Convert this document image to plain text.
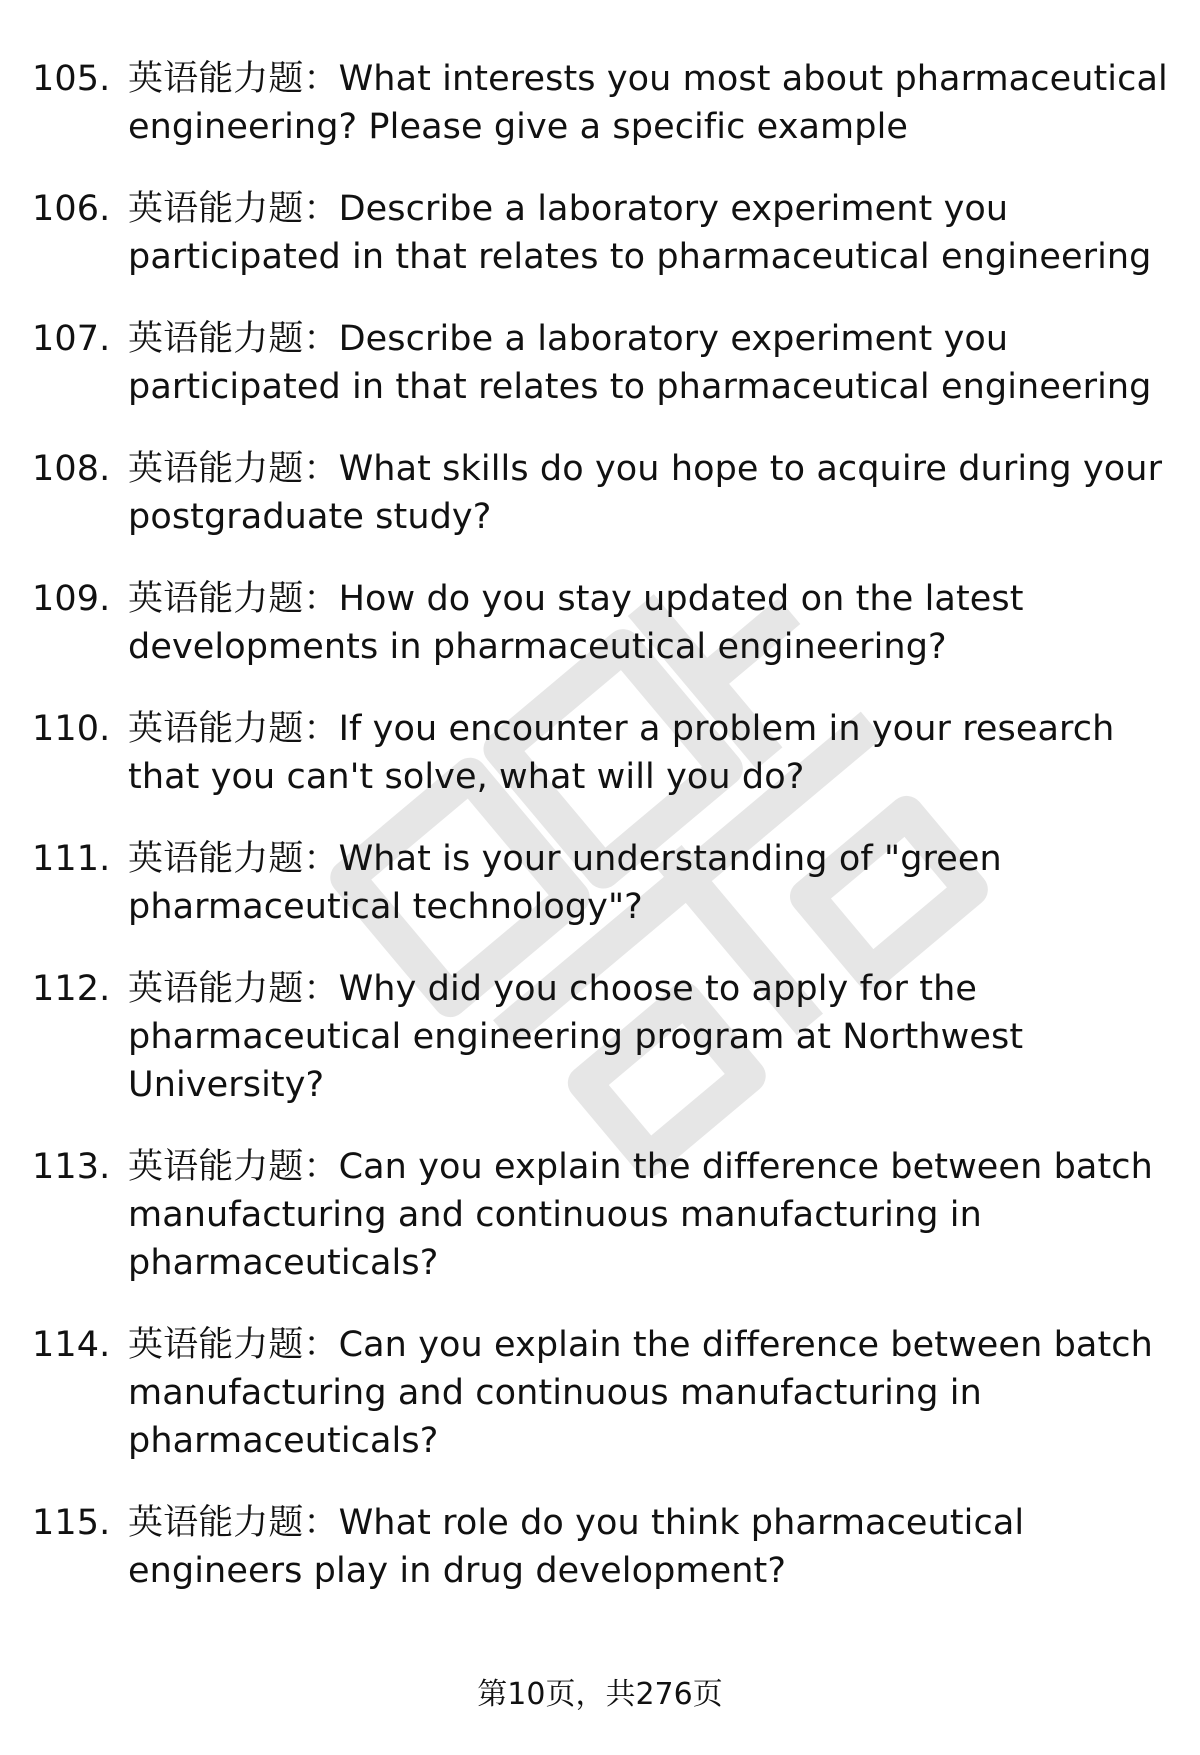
105. 英语能力题：What interests you most about pharmaceutical engineering? Please give a specific example
106. 英语能力题：Describe a laboratory experiment you participated in that relates to pharmaceutical engineering
107. 英语能力题：Describe a laboratory experiment you participated in that relates to pharmaceutical engineering
108. 英语能力题：What skills do you hope to acquire during your postgraduate study?
109. 英语能力题：How do you stay updated on the latest developments in pharmaceutical engineering?
110. 英语能力题：If you encounter a problem in your research that you can't solve, what will you do?
111. 英语能力题：What is your understanding of "green pharmaceutical technology"?
112. 英语能力题：Why did you choose to apply for the pharmaceutical engineering program at Northwest University?
113. 英语能力题：Can you explain the difference between batch manufacturing and continuous manufacturing in pharmaceuticals?
114. 英语能力题：Can you explain the difference between batch manufacturing and continuous manufacturing in pharmaceuticals?
115. 英语能力题：What role do you think pharmaceutical engineers play in drug development?
第10页，共276页
